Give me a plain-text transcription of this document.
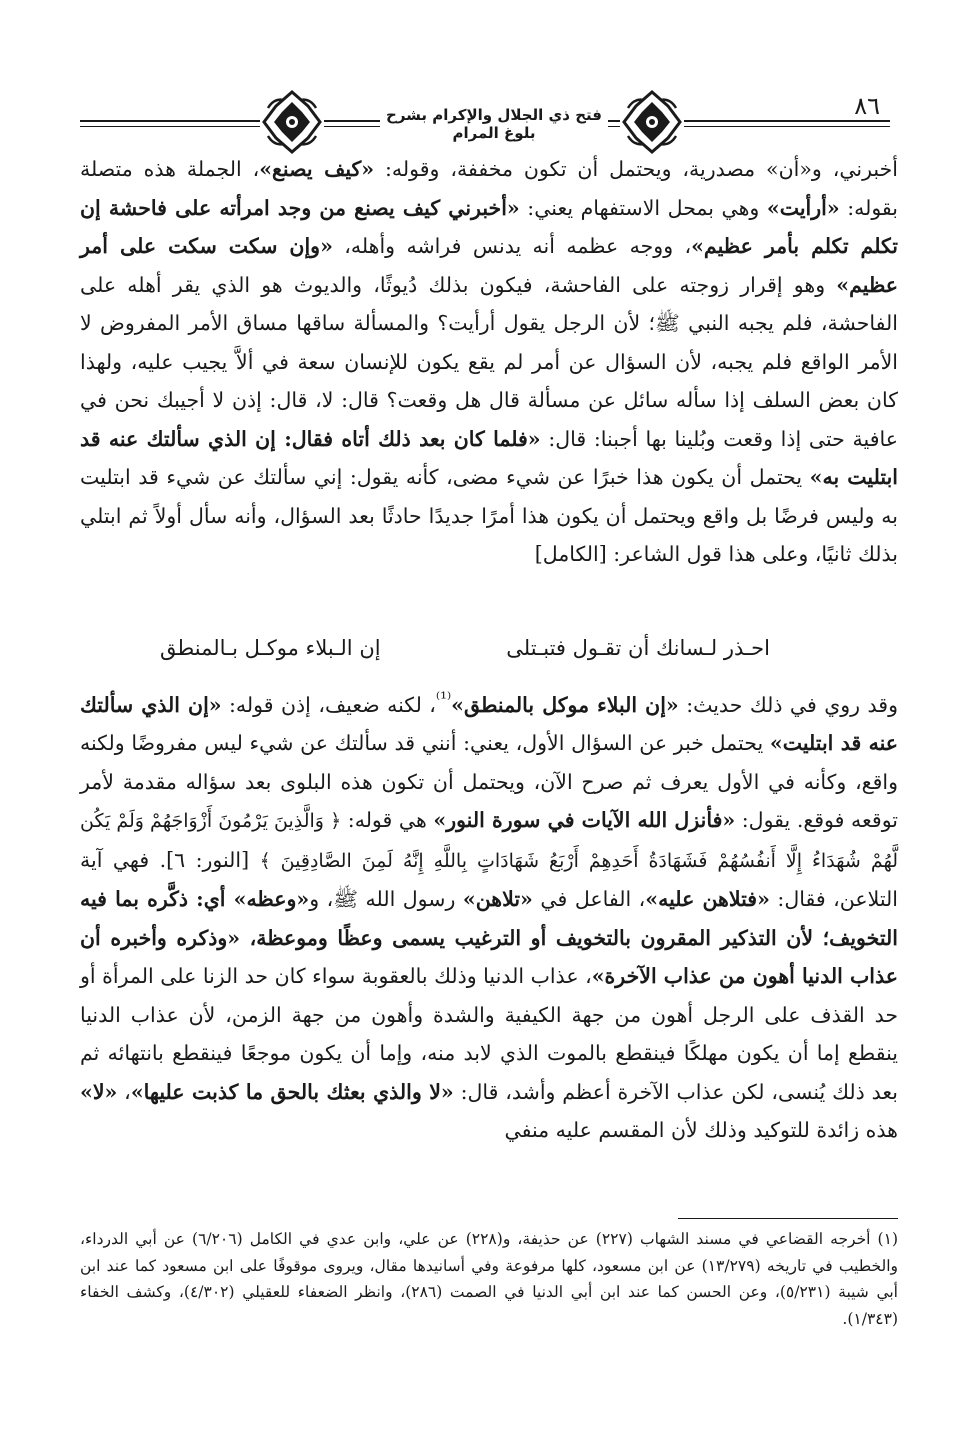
فتح ذي الجلال والإكرام بشرح بلوغ المرام
٨٦

أخبرني، و«أن» مصدرية، ويحتمل أن تكون مخففة، وقوله: «كيف يصنع»، الجملة هذه متصلة بقوله: «أرأيت» وهي بمحل الاستفهام يعني: «أخبرني كيف يصنع من وجد امرأته على فاحشة إن تكلم تكلم بأمر عظيم»، ووجه عظمه أنه يدنس فراشه وأهله، «وإن سكت سكت على أمر عظيم» وهو إقرار زوجته على الفاحشة، فيكون بذلك دُيوثًا، والديوث هو الذي يقر أهله على الفاحشة، فلم يجبه النبي ﷺ؛ لأن الرجل يقول أرأيت؟ والمسألة ساقها مساق الأمر المفروض لا الأمر الواقع فلم يجبه، لأن السؤال عن أمر لم يقع يكون للإنسان سعة في ألاَّ يجيب عليه، ولهذا كان بعض السلف إذا سأله سائل عن مسألة قال هل وقعت؟ قال: لا، قال: إذن لا أجيبك نحن في عافية حتى إذا وقعت وبُلينا بها أجبنا: قال: «فلما كان بعد ذلك أتاه فقال: إن الذي سألتك عنه قد ابتليت به» يحتمل أن يكون هذا خبرًا عن شيء مضى، كأنه يقول: إني سألتك عن شيء قد ابتليت به وليس فرضًا بل واقع ويحتمل أن يكون هذا أمرًا جديدًا حادثًا بعد السؤال، وأنه سأل أولاً ثم ابتلي بذلك ثانيًا، وعلى هذا قول الشاعر: [الكامل]

احـذر لـسانك أن تقـول فتبـتلى
إن الـبلاء موكـل بـالمنطق

وقد روي في ذلك حديث: «إن البلاء موكل بالمنطق»$^{^{(1)}}$، لكنه ضعيف، إذن قوله: «إن الذي سألتك عنه قد ابتليت» يحتمل خبر عن السؤال الأول، يعني: أنني قد سألتك عن شيء ليس مفروضًا ولكنه واقع، وكأنه في الأول يعرف ثم صرح الآن، ويحتمل أن تكون هذه البلوى بعد سؤاله مقدمة لأمر توقعه فوقع. يقول: «فأنزل الله الآيات في سورة النور» هي قوله: ﴿ وَالَّذِينَ يَرْمُونَ أَزْوَاجَهُمْ وَلَمْ يَكُن لَّهُمْ شُهَدَاءُ إِلَّا أَنفُسُهُمْ فَشَهَادَةُ أَحَدِهِمْ أَرْبَعُ شَهَادَاتٍ بِاللَّهِ إِنَّهُ لَمِنَ الصَّادِقِينَ ﴾ [النور: ٦]. فهي آية التلاعن، فقال: «فتلاهن عليه»، الفاعل في «تلاهن» رسول الله ﷺ، و«وعظه» أي: ذكَّره بما فيه التخويف؛ لأن التذكير المقرون بالتخويف أو الترغيب يسمى وعظًا وموعظة، «وذكره وأخبره أن عذاب الدنيا أهون من عذاب الآخرة»، عذاب الدنيا وذلك بالعقوبة سواء كان حد الزنا على المرأة أو حد القذف على الرجل أهون من جهة الكيفية والشدة وأهون من جهة الزمن، لأن عذاب الدنيا ينقطع إما أن يكون مهلكًا فينقطع بالموت الذي لابد منه، وإما أن يكون موجعًا فينقطع بانتهائه ثم بعد ذلك يُنسى، لكن عذاب الآخرة أعظم وأشد، قال: «لا والذي بعثك بالحق ما كذبت عليها»، «لا» هذه زائدة للتوكيد وذلك لأن المقسم عليه منفي

(١) أخرجه القضاعي في مسند الشهاب (٢٢٧) عن حذيفة، و(٢٢٨) عن علي، وابن عدي في الكامل (٦/٢٠٦) عن أبي الدرداء، والخطيب في تاريخه (١٣/٢٧٩) عن ابن مسعود، كلها مرفوعة وفي أسانيدها مقال، ويروى موقوفًا على ابن مسعود كما عند ابن أبي شيبة (٥/٢٣١)، وعن الحسن كما عند ابن أبي الدنيا في الصمت (٢٨٦)، وانظر الضعفاء للعقيلي (٤/٣٠٢)، وكشف الخفاء (١/٣٤٣).
